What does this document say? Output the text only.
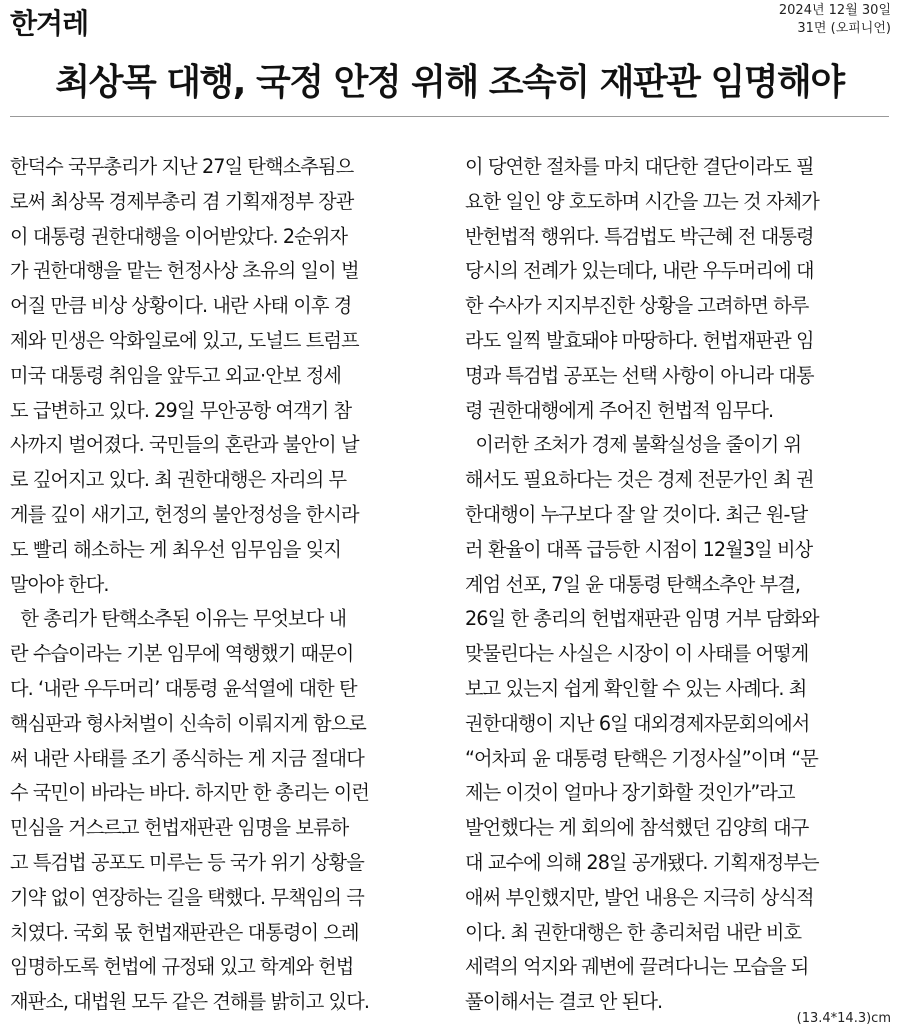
한겨레	2024년 12월 30일
31면 (오피니언)
최상목 대행, 국정 안정 위해 조속히 재판관 임명해야
한덕수 국무총리가 지난 27일 탄핵소추됨으
로써 최상목 경제부총리 겸 기획재정부 장관
이 대통령 권한대행을 이어받았다. 2순위자
가 권한대행을 맡는 헌정사상 초유의 일이 벌
어질 만큼 비상 상황이다. 내란 사태 이후 경
제와 민생은 악화일로에 있고, 도널드 트럼프
미국 대통령 취임을 앞두고 외교·안보 정세
도 급변하고 있다. 29일 무안공항 여객기 참
사까지 벌어졌다. 국민들의 혼란과 불안이 날
로 깊어지고 있다. 최 권한대행은 자리의 무
게를 깊이 새기고, 헌정의 불안정성을 한시라
도 빨리 해소하는 게 최우선 임무임을 잊지
말아야 한다.
한 총리가 탄핵소추된 이유는 무엇보다 내
란 수습이라는 기본 임무에 역행했기 때문이
다. ‘내란 우두머리’ 대통령 윤석열에 대한 탄
핵심판과 형사처벌이 신속히 이뤄지게 함으로
써 내란 사태를 조기 종식하는 게 지금 절대다
수 국민이 바라는 바다. 하지만 한 총리는 이런
민심을 거스르고 헌법재판관 임명을 보류하
고 특검법 공포도 미루는 등 국가 위기 상황을
기약 없이 연장하는 길을 택했다. 무책임의 극
치였다. 국회 몫 헌법재판관은 대통령이 으레
임명하도록 헌법에 규정돼 있고 학계와 헌법
재판소, 대법원 모두 같은 견해를 밝히고 있다.
이 당연한 절차를 마치 대단한 결단이라도 필
요한 일인 양 호도하며 시간을 끄는 것 자체가
반헌법적 행위다. 특검법도 박근혜 전 대통령
당시의 전례가 있는데다, 내란 우두머리에 대
한 수사가 지지부진한 상황을 고려하면 하루
라도 일찍 발효돼야 마땅하다. 헌법재판관 임
명과 특검법 공포는 선택 사항이 아니라 대통
령 권한대행에게 주어진 헌법적 임무다.
이러한 조처가 경제 불확실성을 줄이기 위
해서도 필요하다는 것은 경제 전문가인 최 권
한대행이 누구보다 잘 알 것이다. 최근 원-달
러 환율이 대폭 급등한 시점이 12월3일 비상
계엄 선포, 7일 윤 대통령 탄핵소추안 부결,
26일 한 총리의 헌법재판관 임명 거부 담화와
맞물린다는 사실은 시장이 이 사태를 어떻게
보고 있는지 쉽게 확인할 수 있는 사례다. 최
권한대행이 지난 6일 대외경제자문회의에서
“어차피 윤 대통령 탄핵은 기정사실”이며 “문
제는 이것이 얼마나 장기화할 것인가”라고
발언했다는 게 회의에 참석했던 김양희 대구
대 교수에 의해 28일 공개됐다. 기획재정부는
애써 부인했지만, 발언 내용은 지극히 상식적
이다. 최 권한대행은 한 총리처럼 내란 비호
세력의 억지와 궤변에 끌려다니는 모습을 되
풀이해서는 결코 안 된다.
(13.4*14.3)cm
